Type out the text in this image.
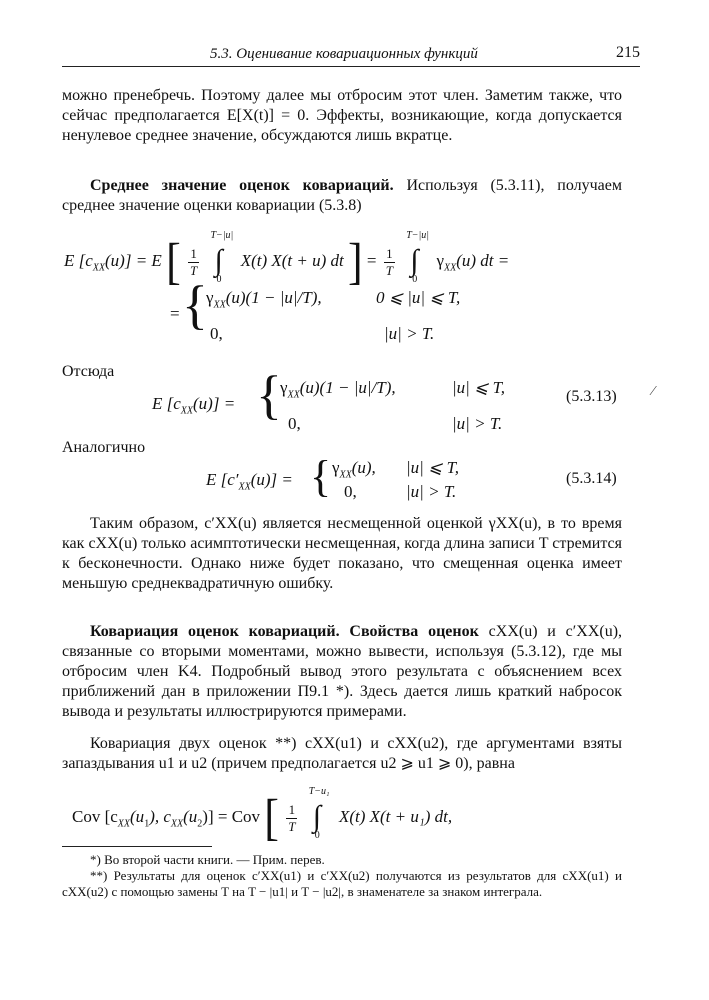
5.3. Оценивание ковариационных функций	215

можно пренебречь. Поэтому далее мы отбросим этот член. Заметим также, что сейчас предполагается E[X(t)] = 0. Эффекты, возникающие, когда допускается ненулевое среднее значение, обсуждаются лишь вкратце.

Среднее значение оценок ковариаций. Используя (5.3.11), получаем среднее значение оценки ковариации (5.3.8)

E $[c_{XX}(u)] = E$ [ $\frac{1}{T}$

T−|u|
∫
0
X(t) X(t + u) dt ] = $\frac{1}{T}$

T−|u|
∫
0
$\gamma_{XX}(u)$ dt =
= {
$\gamma_{XX}(u)(1 - |u|/T)$,	0 ⩽ |u| ⩽ T,
0,	|u| > T.

Отсюда

E $[c_{XX}(u)]$ = {
$\gamma_{XX}(u)(1 - |u|/T)$,	|u| ⩽ T,
0,	|u| > T.
(5.3.13)

Аналогично

E $[c'_{XX}(u)]$ = { $\gamma_{XX}(u)$, |u| ⩽ T,
0,	|u| > T.
(5.3.14)

Таким образом, c′XX(u) является несмещенной оценкой γXX(u), в то время как cXX(u) только асимптотически несмещенная, когда длина записи T стремится к бесконечности. Однако ниже будет показано, что смещенная оценка имеет меньшую среднеквадратичную ошибку.

Ковариация оценок ковариаций. Свойства оценок cXX(u) и c′XX(u), связанные со вторыми моментами, можно вывести, используя (5.3.12), где мы отбросим член K4. Подробный вывод этого результата с объяснением всех приближений дан в приложении П9.1 *). Здесь дается лишь краткий набросок вывода и результаты иллюстрируются примерами.

Ковариация двух оценок **) cXX(u1) и cXX(u2), где аргументами взяты запаздывания u1 и u2 (причем предполагается u2 ⩾ u1 ⩾ 0), равна

Cov [$c_{XX}(u_1)$, $c_{XX}(u_2)$] = Cov [ $\frac{1}{T}$

T−u₁
∫
0
X(t) X(t + u₁) dt,

*) Во второй части книги. — Прим. перев.

**) Результаты для оценок c′XX(u1) и c′XX(u2) получаются из результатов для cXX(u1) и cXX(u2) с помощью замены T на T − |u1| и T − |u2|, в знаменателе за знаком интеграла.

⁄
